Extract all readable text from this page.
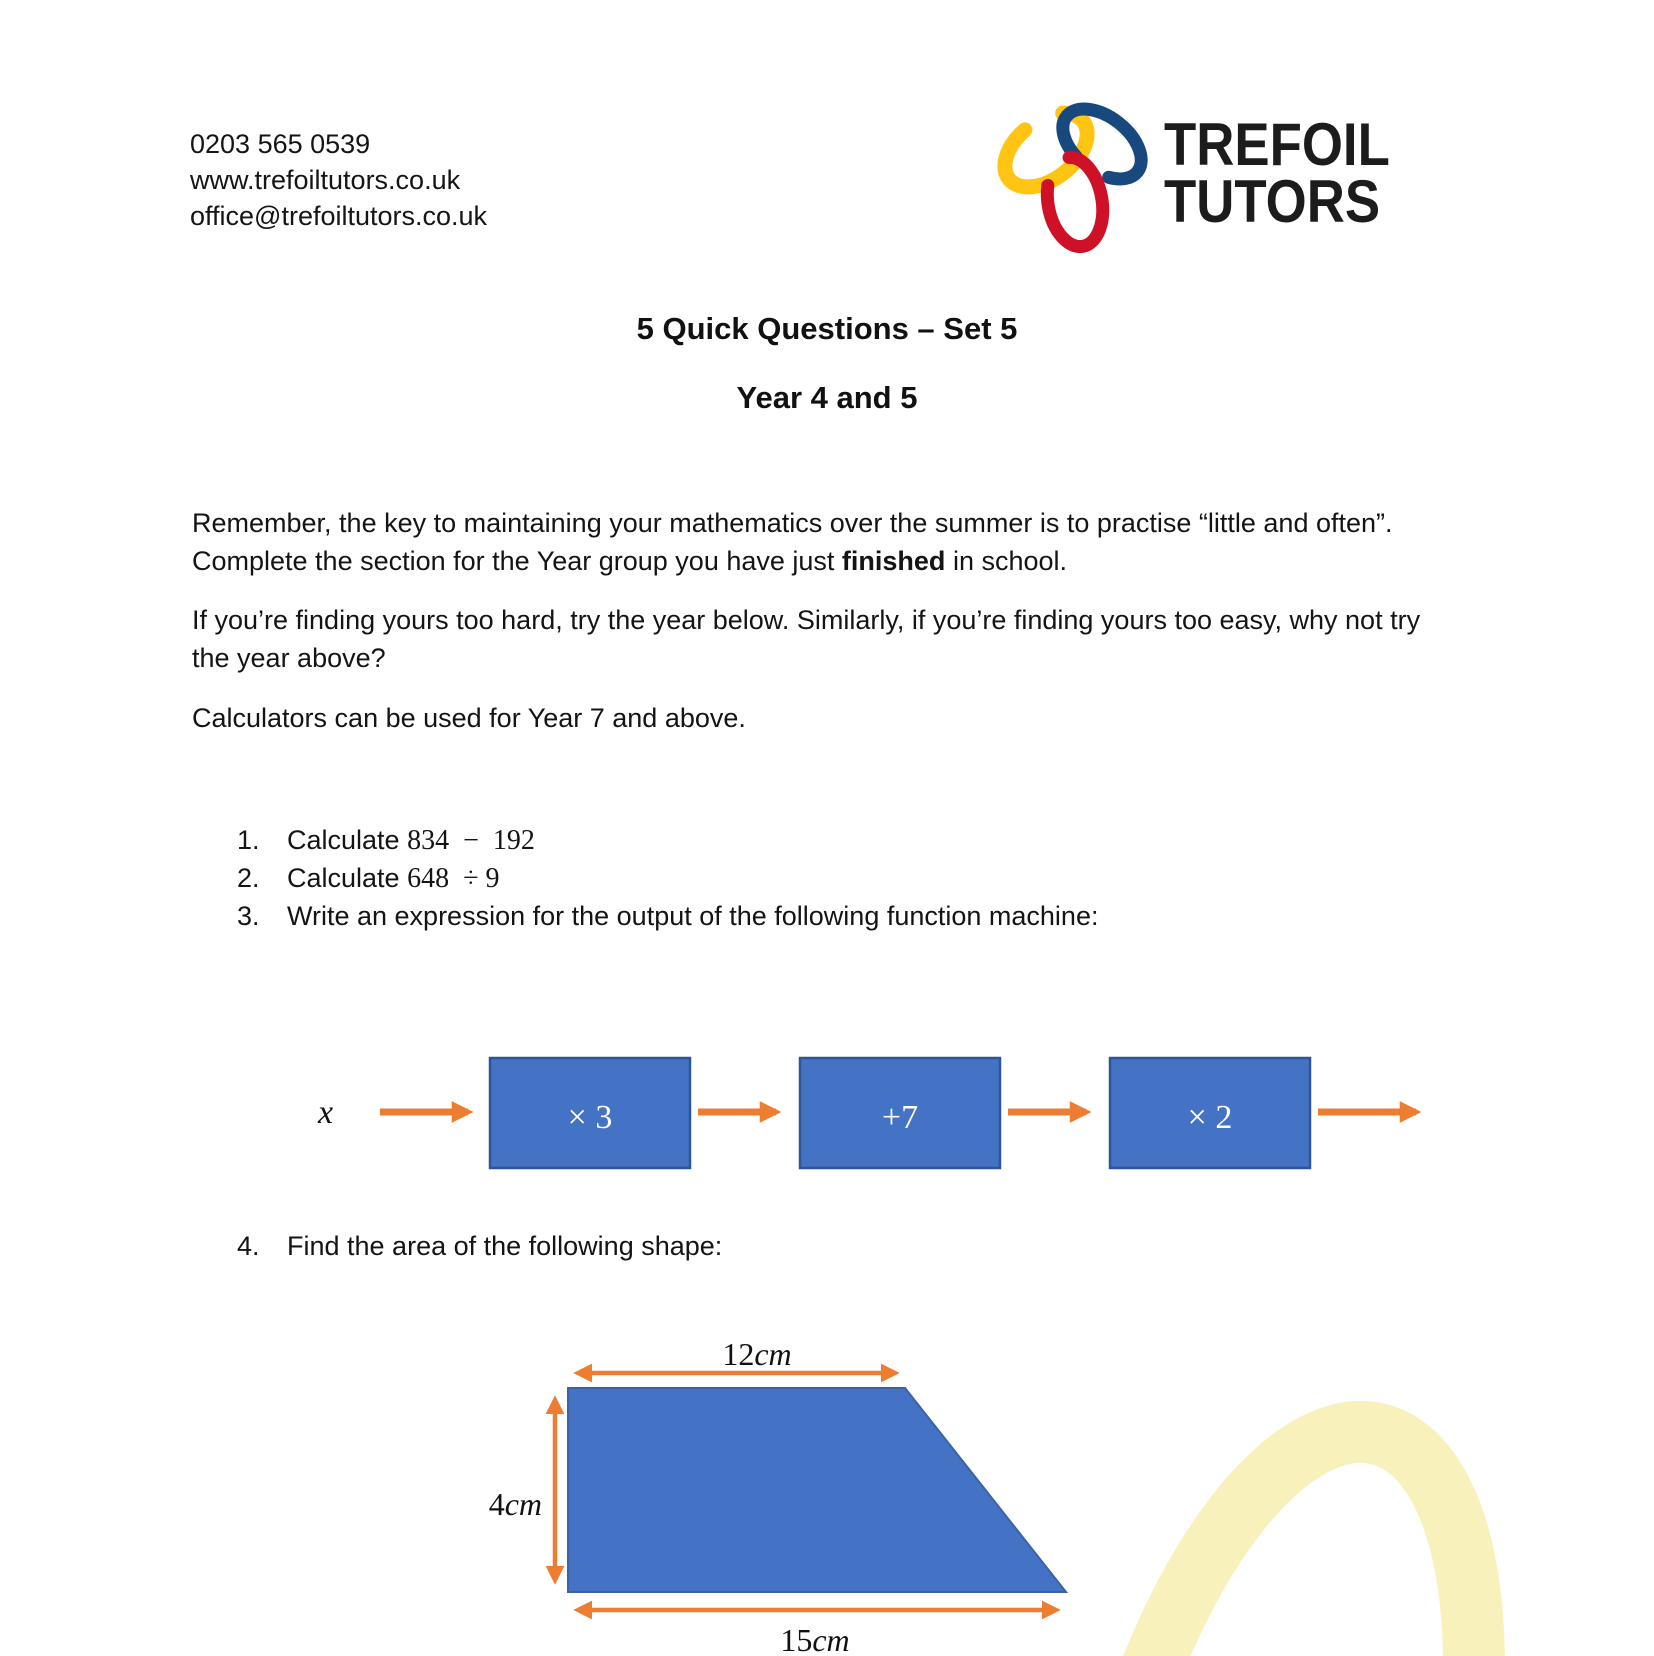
0203 565 0539
www.trefoiltutors.co.uk
office@trefoiltutors.co.uk
TREFOIL
TUTORS
5 Quick Questions – Set 5
Year 4 and 5

Remember, the key to maintaining your mathematics over the summer is to practise “little and often”. Complete the section for the Year group you have just finished in school.

If you’re finding yours too hard, try the year below. Similarly, if you’re finding yours too easy, why not try the year above?

Calculators can be used for Year 7 and above.

1.	Calculate 834  −  192
2.	Calculate 648  ÷ 9
3.	Write an expression for the output of the following function machine:
x	× 3	+7	× 2
4.	Find the area of the following shape:
12cm
4cm
15cm
